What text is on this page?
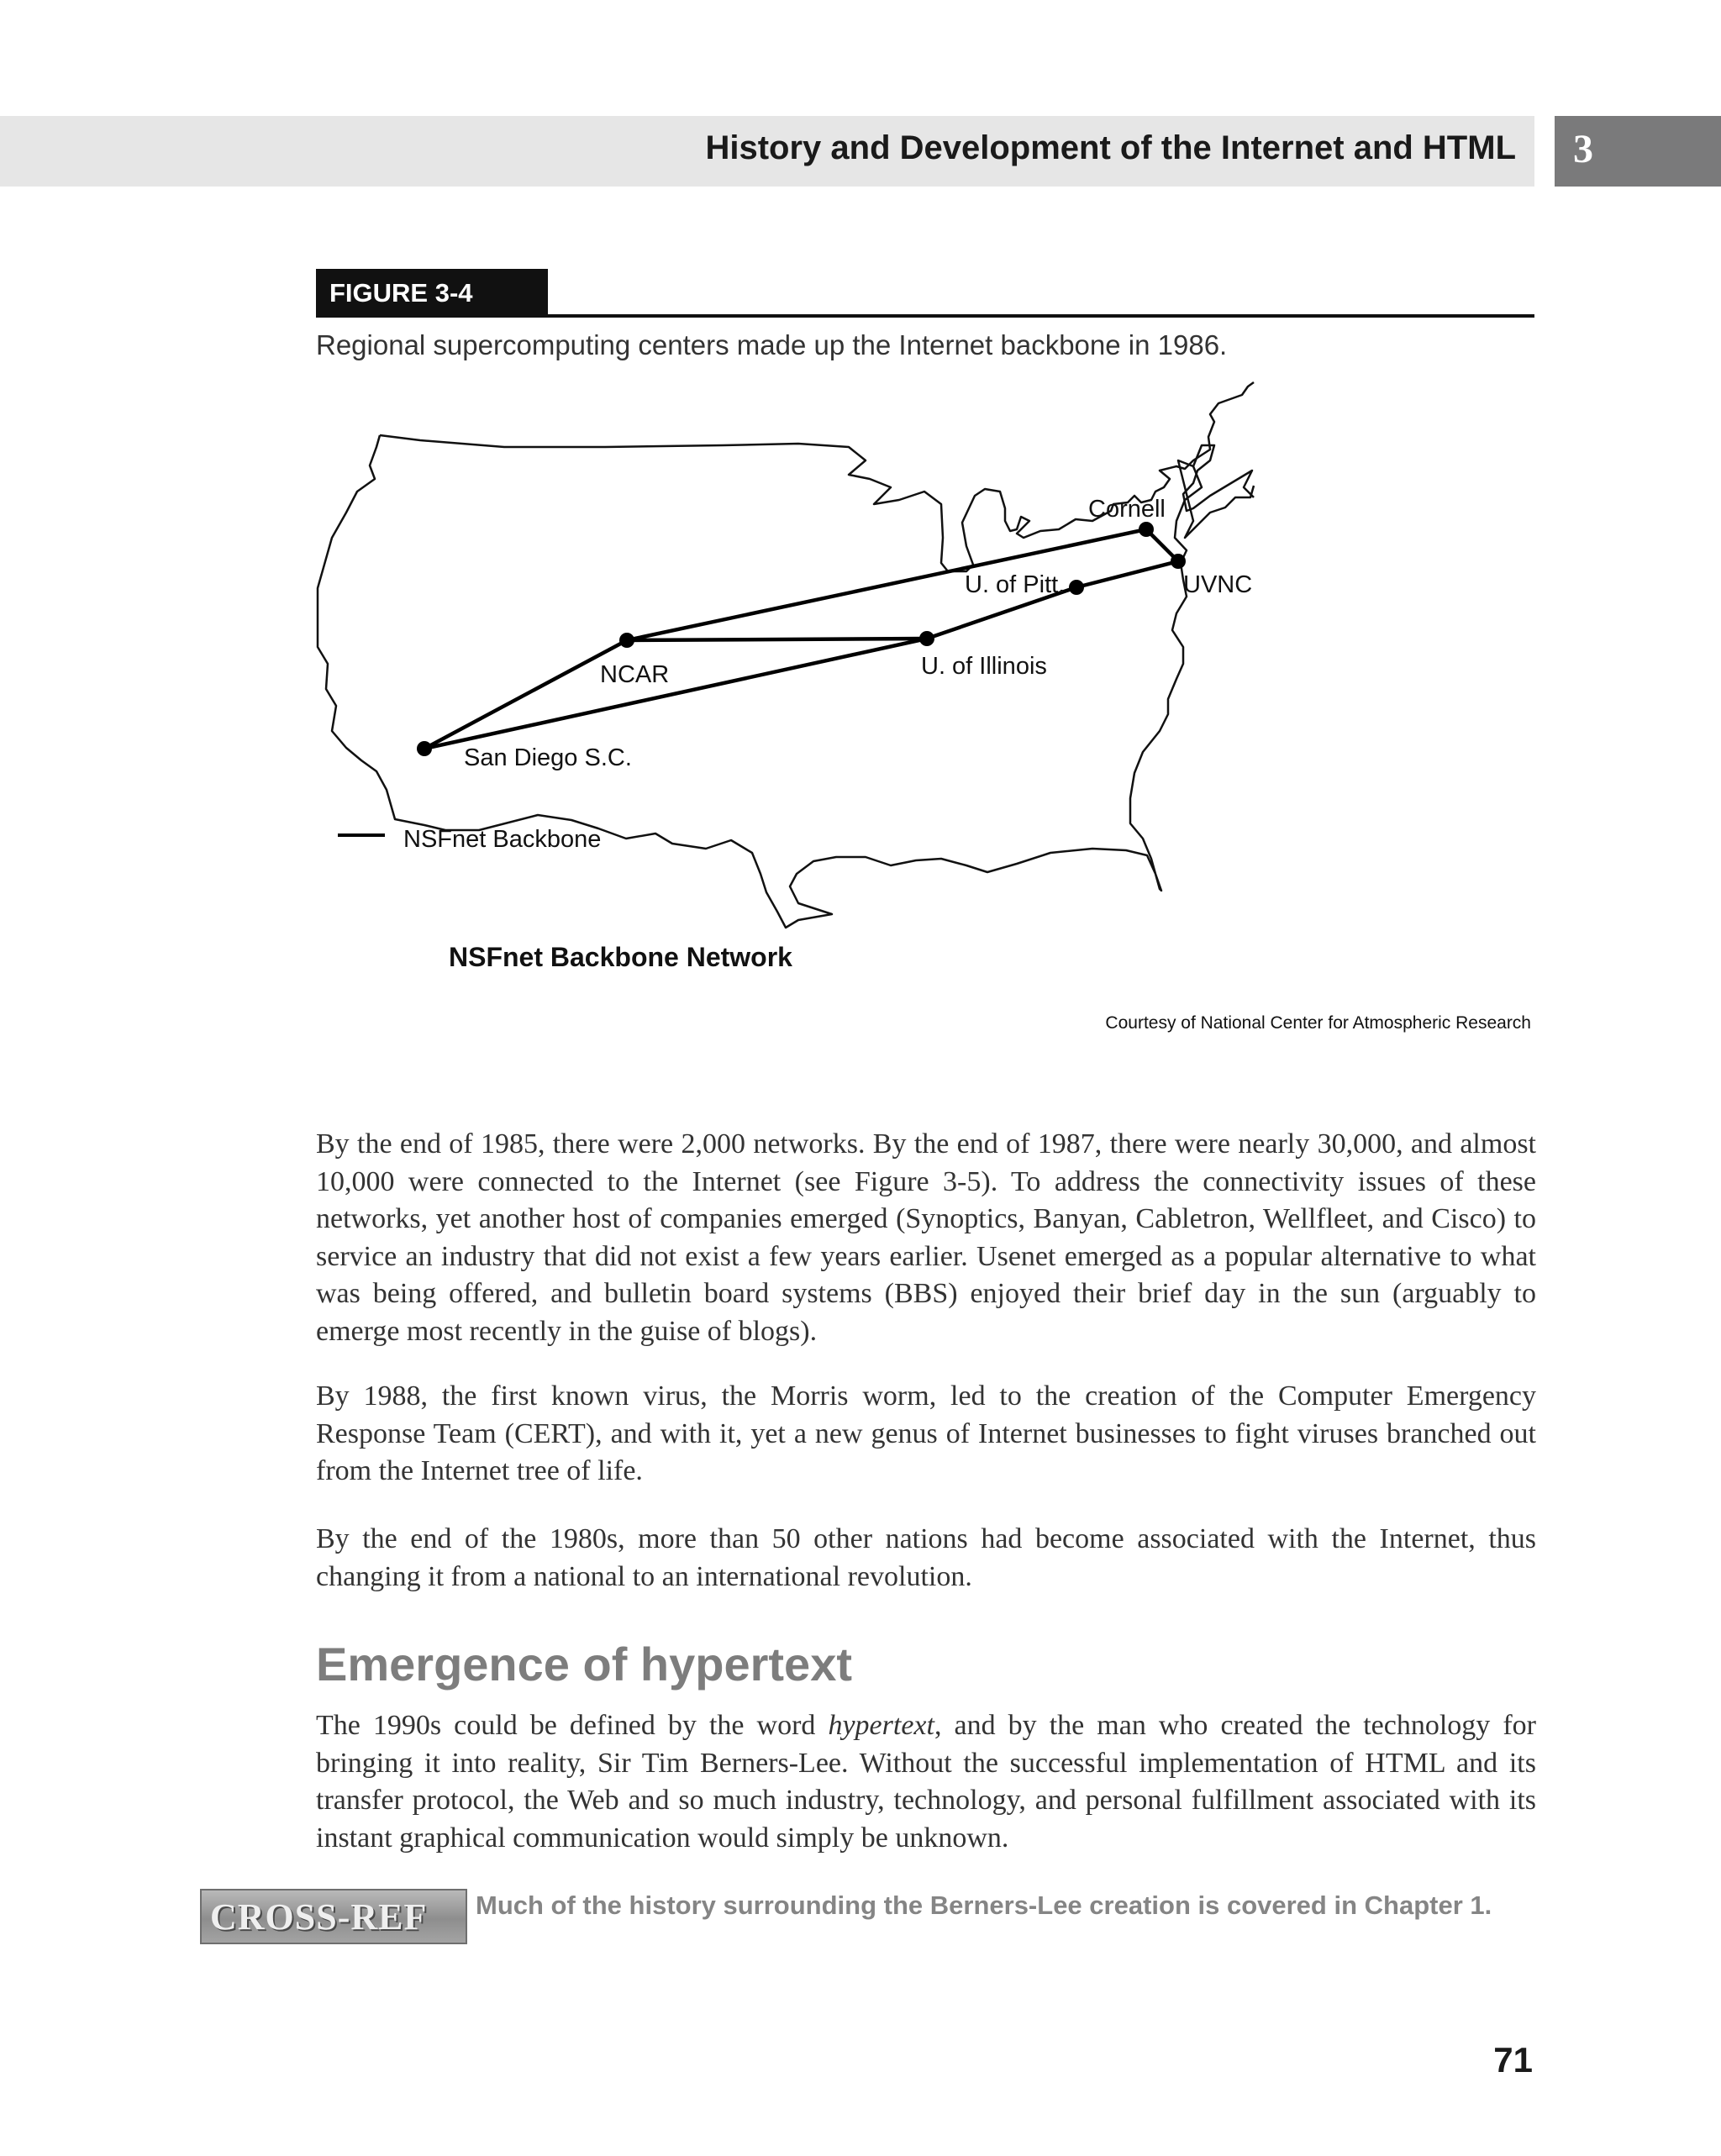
History and Development of the Internet and HTML 3
FIGURE 3-4
Regional supercomputing centers made up the Internet backbone in 1986.
Cornell
UVNC
U. of Pitt.
U. of Illinois
NCAR
San Diego S.C.
NSFnet Backbone
NSFnet Backbone Network
Courtesy of National Center for Atmospheric Research

By the end of 1985, there were 2,000 networks. By the end of 1987, there were nearly 30,000, and almost 10,000 were connected to the Internet (see Figure 3-5). To address the connectivity issues of these networks, yet another host of companies emerged (Synoptics, Banyan, Cabletron, Wellfleet, and Cisco) to service an industry that did not exist a few years earlier. Usenet emerged as a popular alternative to what was being offered, and bulletin board systems (BBS) enjoyed their brief day in the sun (arguably to emerge most recently in the guise of blogs).

By 1988, the first known virus, the Morris worm, led to the creation of the Computer Emergency Response Team (CERT), and with it, yet a new genus of Internet businesses to fight viruses branched out from the Internet tree of life.

By the end of the 1980s, more than 50 other nations had become associated with the Internet, thus changing it from a national to an international revolution.

Emergence of hypertext

The 1990s could be defined by the word hypertext, and by the man who created the technology for bringing it into reality, Sir Tim Berners-Lee. Without the successful implementation of HTML and its transfer protocol, the Web and so much industry, technology, and personal fulfillment associated with its instant graphical communication would simply be unknown.

CROSS-REF Much of the history surrounding the Berners-Lee creation is covered in Chapter 1.
71
